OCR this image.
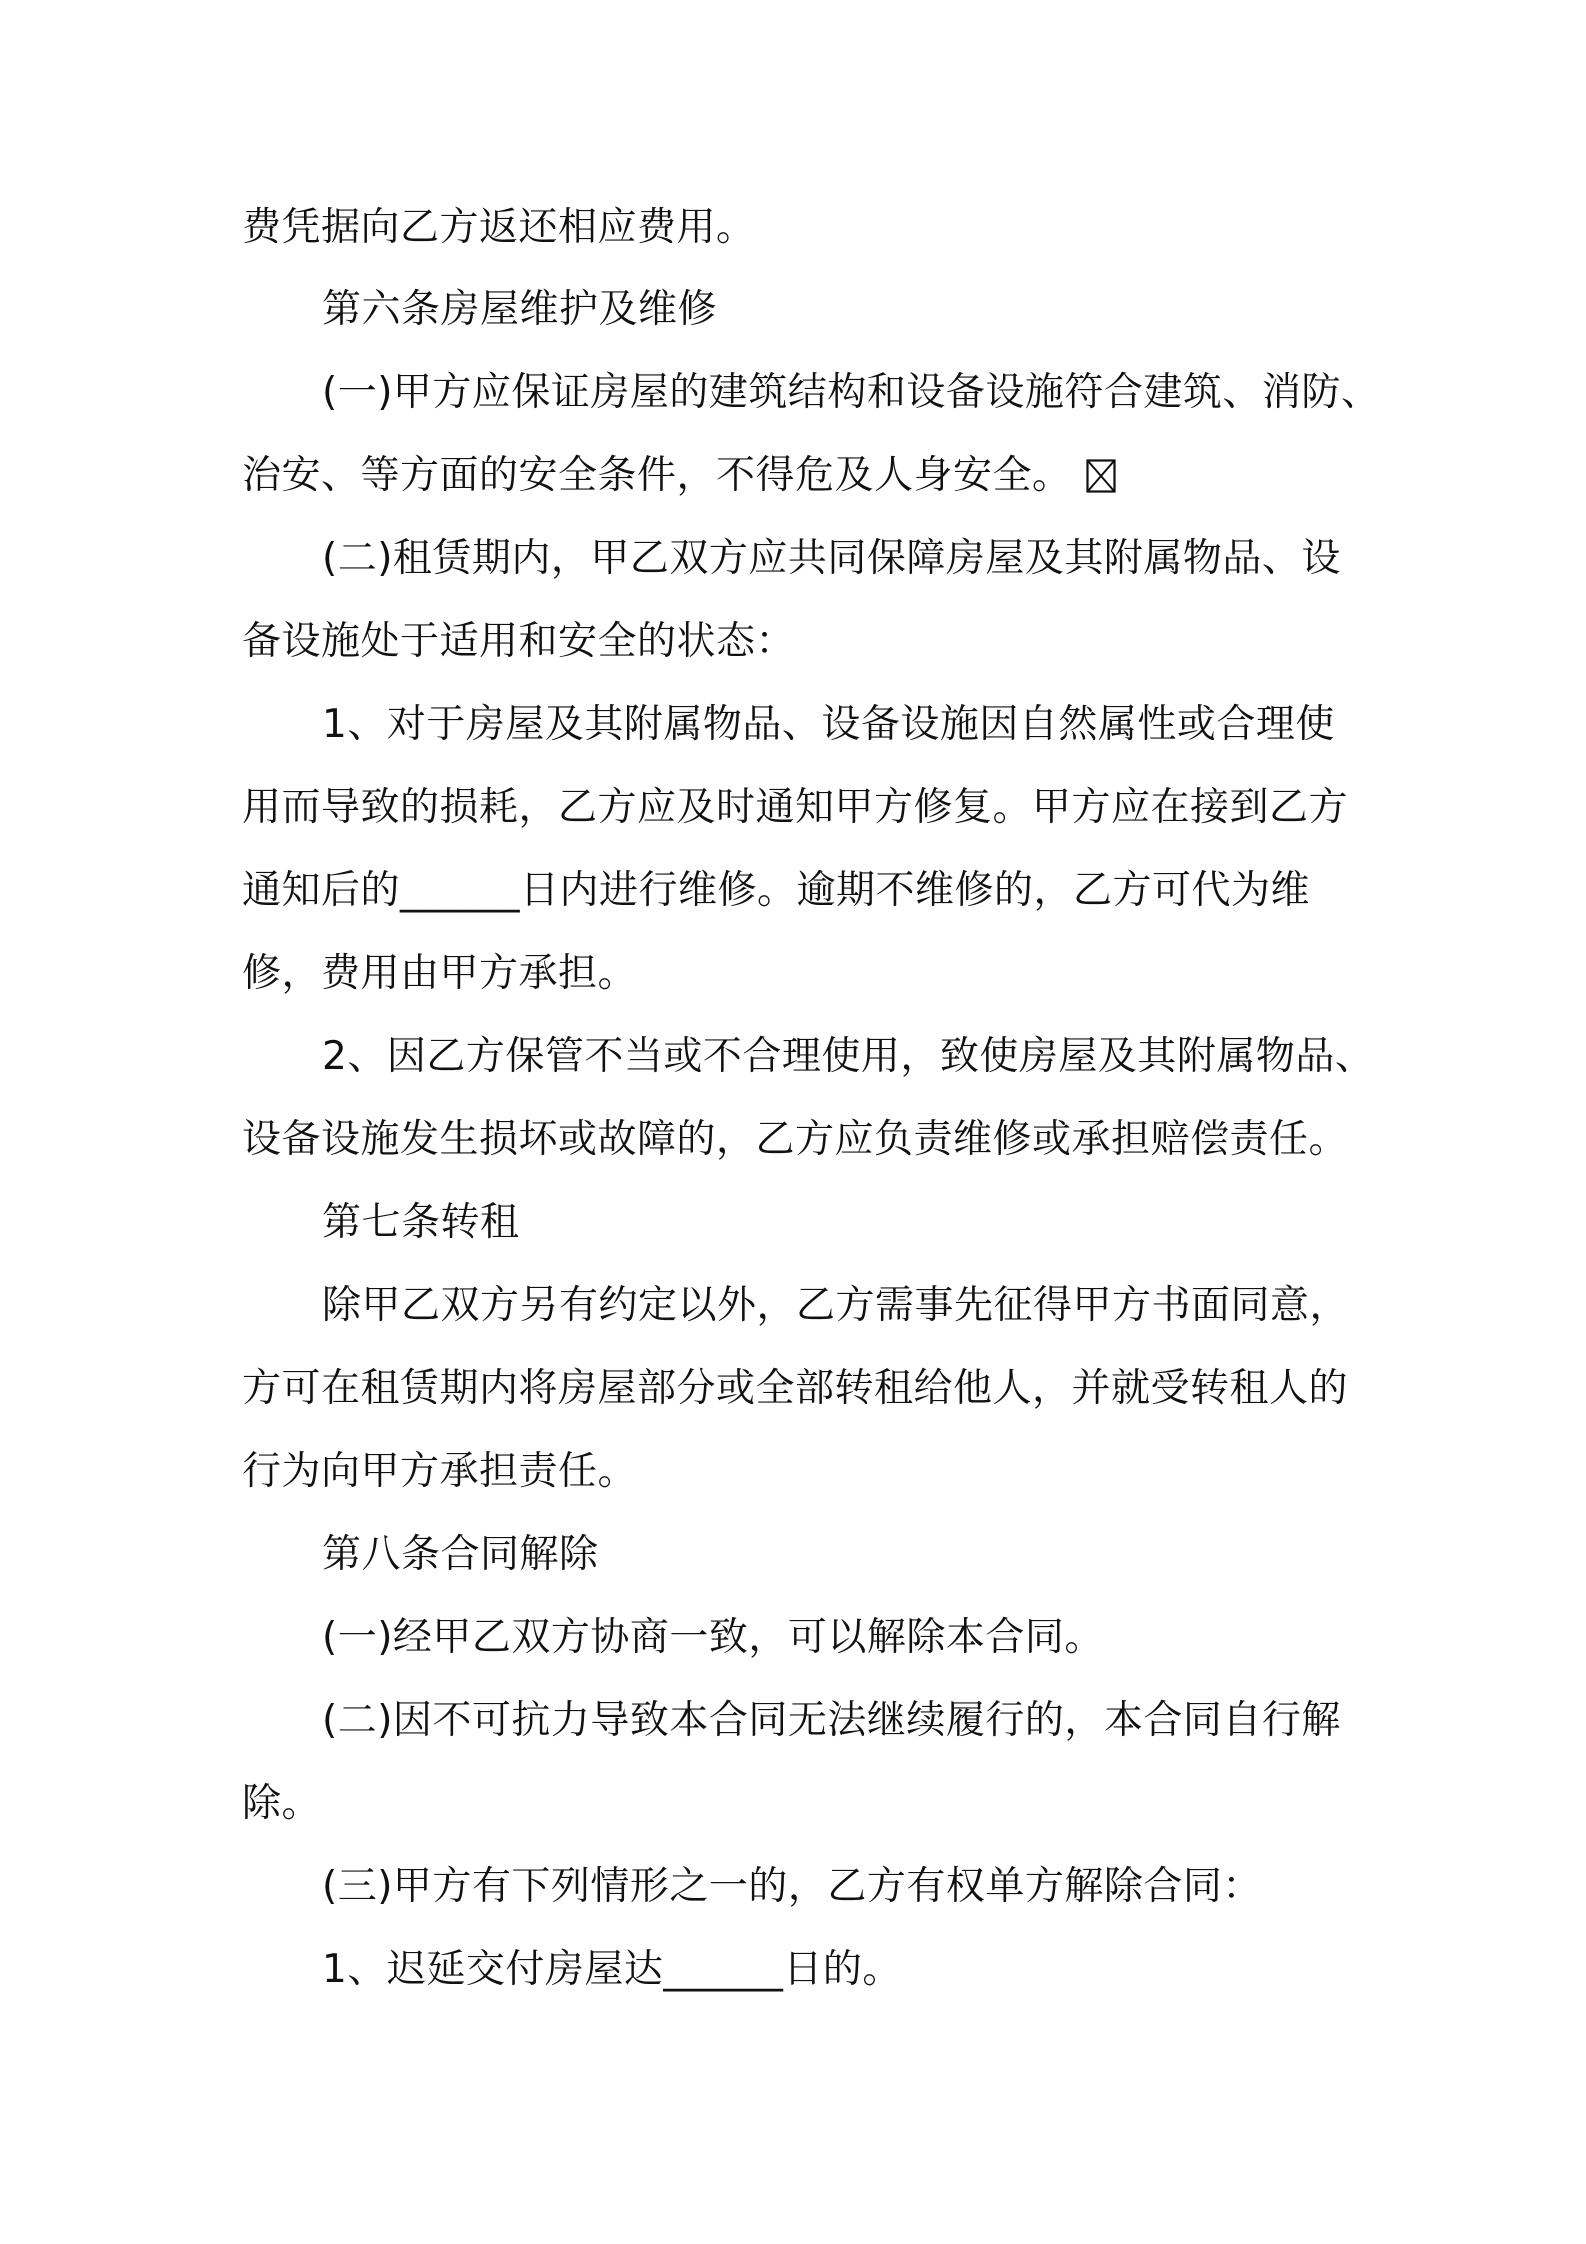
费凭据向乙方返还相应费用。
第六条房屋维护及维修
(一)甲方应保证房屋的建筑结构和设备设施符合建筑、消防、
治安、等方面的安全条件，不得危及人身安全。
(二)租赁期内，甲乙双方应共同保障房屋及其附属物品、设
备设施处于适用和安全的状态：
1、对于房屋及其附属物品、设备设施因自然属性或合理使
用而导致的损耗，乙方应及时通知甲方修复。甲方应在接到乙方
通知后的______日内进行维修。逾期不维修的，乙方可代为维
修，费用由甲方承担。
2、因乙方保管不当或不合理使用，致使房屋及其附属物品、
设备设施发生损坏或故障的，乙方应负责维修或承担赔偿责任。
第七条转租
除甲乙双方另有约定以外，乙方需事先征得甲方书面同意，
方可在租赁期内将房屋部分或全部转租给他人，并就受转租人的
行为向甲方承担责任。
第八条合同解除
(一)经甲乙双方协商一致，可以解除本合同。
(二)因不可抗力导致本合同无法继续履行的，本合同自行解
除。
(三)甲方有下列情形之一的，乙方有权单方解除合同：
1、迟延交付房屋达______日的。
